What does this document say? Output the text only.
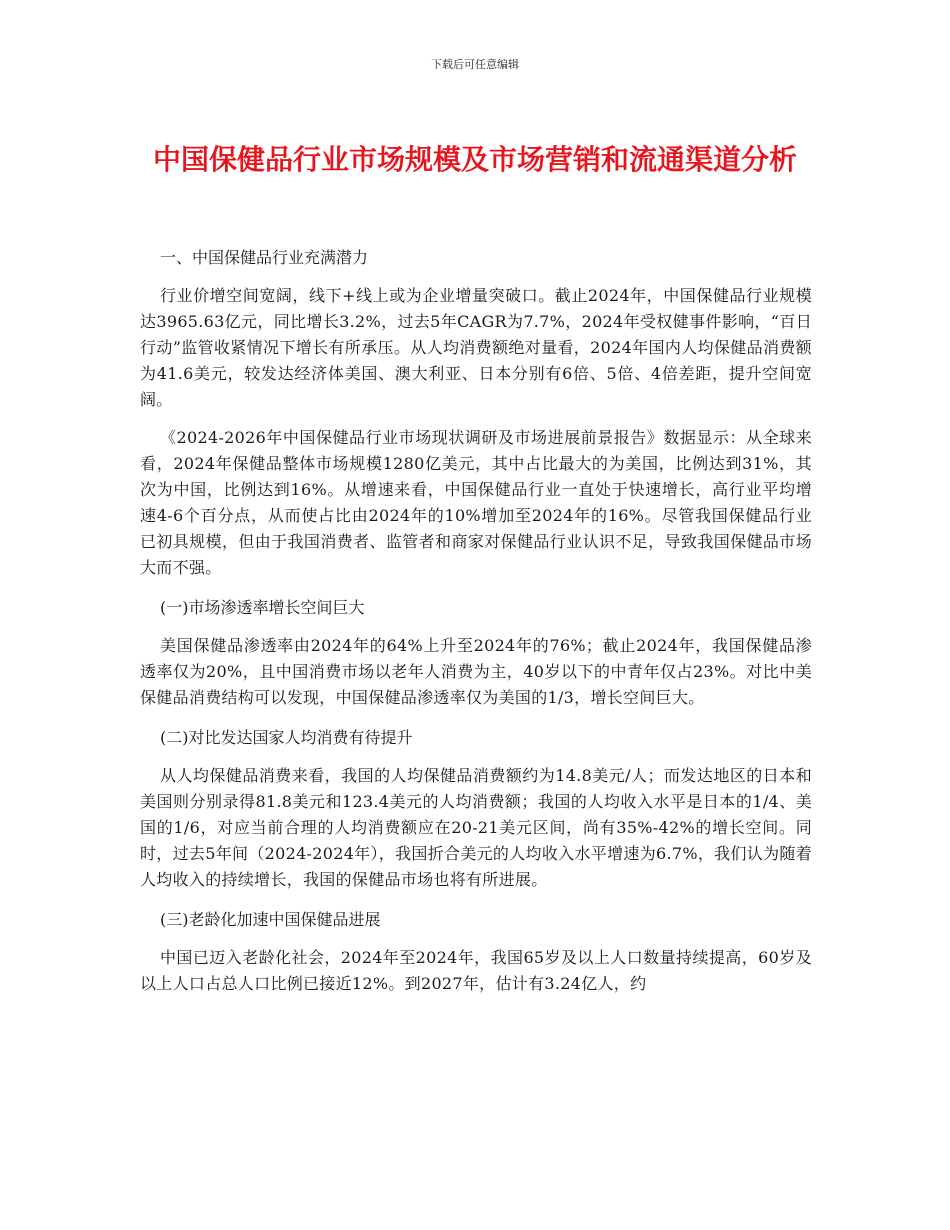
下载后可任意编辑
中国保健品行业市场规模及市场营销和流通渠道分析

一、中国保健品行业充满潜力

行业价增空间宽阔，线下+线上或为企业增量突破口。截止2024年，中国保健品行业规模达3965.63亿元，同比增长3.2%，过去5年CAGR为7.7%，2024年受权健事件影响，“百日行动”监管收紧情况下增长有所承压。从人均消费额绝对量看，2024年国内人均保健品消费额为41.6美元，较发达经济体美国、澳大利亚、日本分别有6倍、5倍、4倍差距，提升空间宽阔。

《2024-2026年中国保健品行业市场现状调研及市场进展前景报告》数据显示：从全球来看，2024年保健品整体市场规模1280亿美元，其中占比最大的为美国，比例达到31%，其次为中国，比例达到16%。从增速来看，中国保健品行业一直处于快速增长，高行业平均增速4-6个百分点，从而使占比由2024年的10%增加至2024年的16%。尽管我国保健品行业已初具规模，但由于我国消费者、监管者和商家对保健品行业认识不足，导致我国保健品市场大而不强。

(一)市场渗透率增长空间巨大

美国保健品渗透率由2024年的64%上升至2024年的76%；截止2024年，我国保健品渗透率仅为20%，且中国消费市场以老年人消费为主，40岁以下的中青年仅占23%。对比中美保健品消费结构可以发现，中国保健品渗透率仅为美国的1/3，增长空间巨大。

(二)对比发达国家人均消费有待提升

从人均保健品消费来看，我国的人均保健品消费额约为14.8美元/人；而发达地区的日本和美国则分别录得81.8美元和123.4美元的人均消费额；我国的人均收入水平是日本的1/4、美国的1/6，对应当前合理的人均消费额应在20-21美元区间，尚有35%-42%的增长空间。同时，过去5年间（2024-2024年），我国折合美元的人均收入水平增速为6.7%，我们认为随着人均收入的持续增长，我国的保健品市场也将有所进展。

(三)老龄化加速中国保健品进展

中国已迈入老龄化社会，2024年至2024年，我国65岁及以上人口数量持续提高，60岁及以上人口占总人口比例已接近12%。到2027年，估计有3.24亿人，约
